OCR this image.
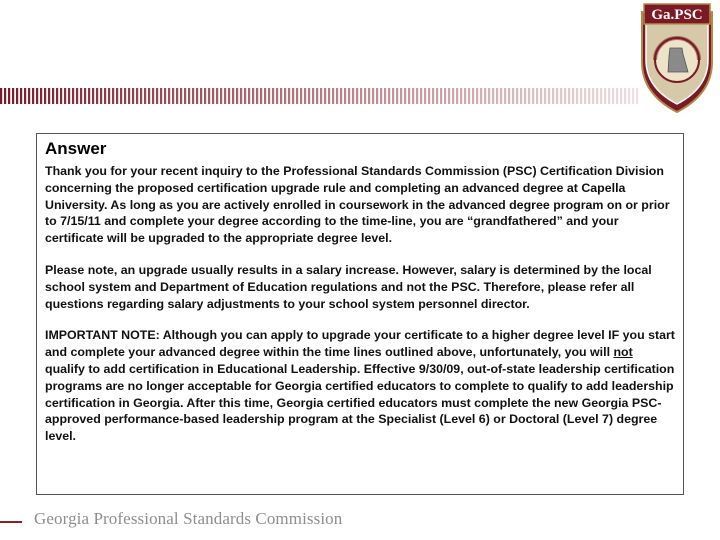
Ga.PSC
Answer

Thank you for your recent inquiry to the Professional Standards Commission (PSC) Certification Division concerning the proposed certification upgrade rule and completing an advanced degree at Capella University. As long as you are actively enrolled in coursework in the advanced degree program on or prior to 7/15/11 and complete your degree according to the time-line, you are “grandfathered” and your certificate will be upgraded to the appropriate degree level.

Please note, an upgrade usually results in a salary increase. However, salary is determined by the local school system and Department of Education regulations and not the PSC. Therefore, please refer all questions regarding salary adjustments to your school system personnel director.

IMPORTANT NOTE: Although you can apply to upgrade your certificate to a higher degree level IF you start and complete your advanced degree within the time lines outlined above, unfortunately, you will not qualify to add certification in Educational Leadership. Effective 9/30/09, out-of-state leadership certification programs are no longer acceptable for Georgia certified educators to complete to qualify to add leadership certification in Georgia. After this time, Georgia certified educators must complete the new Georgia PSC-approved performance-based leadership program at the Specialist (Level 6) or Doctoral (Level 7) degree level.

Georgia Professional Standards Commission
